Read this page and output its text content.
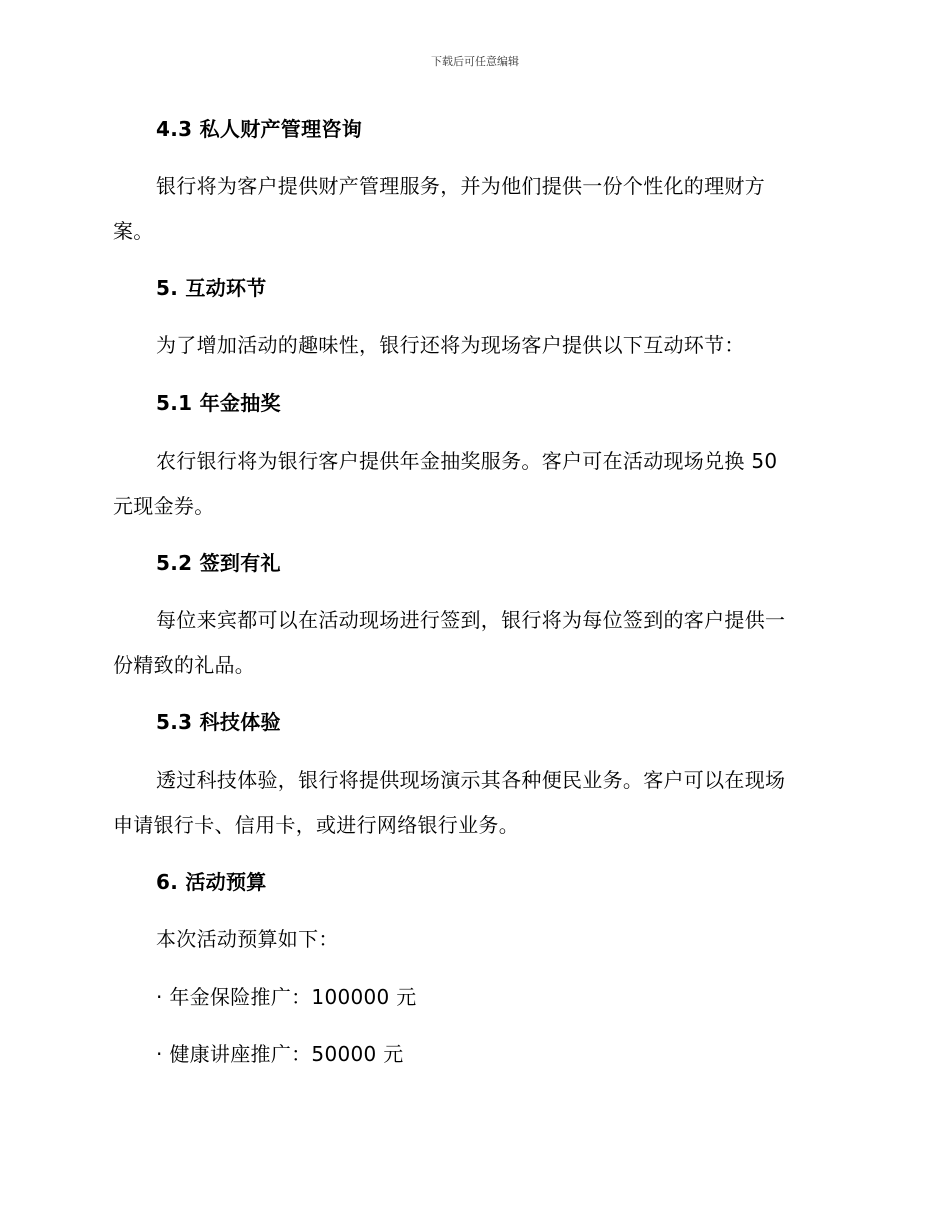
下载后可任意编辑
4.3 私人财产管理咨询
银行将为客户提供财产管理服务，并为他们提供一份个性化的理财方
案。
5. 互动环节
为了增加活动的趣味性，银行还将为现场客户提供以下互动环节：
5.1 年金抽奖
农行银行将为银行客户提供年金抽奖服务。客户可在活动现场兑换 50
元现金券。
5.2 签到有礼
每位来宾都可以在活动现场进行签到，银行将为每位签到的客户提供一
份精致的礼品。
5.3 科技体验
透过科技体验，银行将提供现场演示其各种便民业务。客户可以在现场
申请银行卡、信用卡，或进行网络银行业务。
6. 活动预算
本次活动预算如下：
· 年金保险推广：100000 元
· 健康讲座推广：50000 元
